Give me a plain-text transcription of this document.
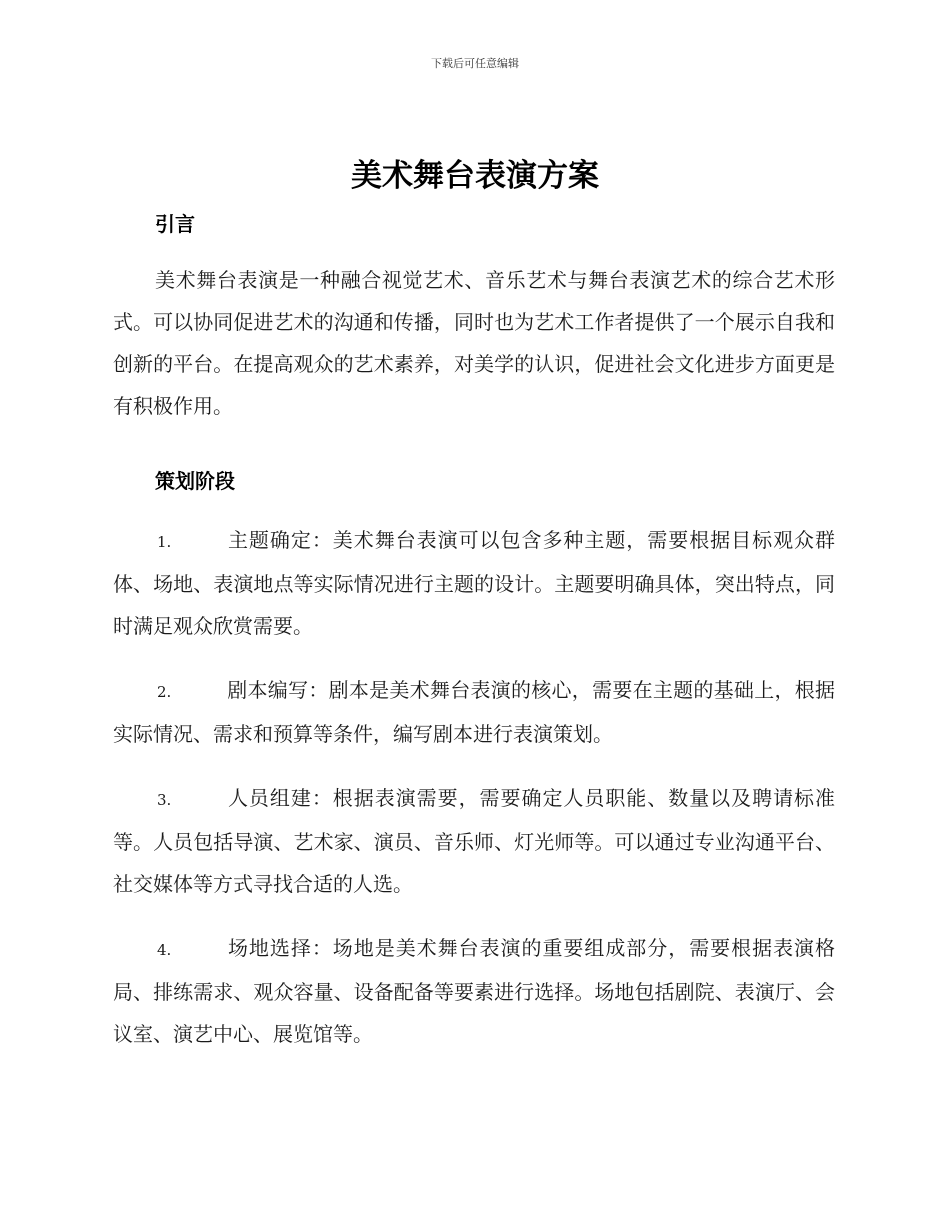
下载后可任意编辑
美术舞台表演方案
引言

美术舞台表演是一种融合视觉艺术、音乐艺术与舞台表演艺术的综合艺术形式。可以协同促进艺术的沟通和传播，同时也为艺术工作者提供了一个展示自我和创新的平台。在提高观众的艺术素养，对美学的认识，促进社会文化进步方面更是有积极作用。

策划阶段
1.	主题确定：美术舞台表演可以包含多种主题，需要根据目标观众群体、场地、表演地点等实际情况进行主题的设计。主题要明确具体，突出特点，同时满足观众欣赏需要。
2.	剧本编写：剧本是美术舞台表演的核心，需要在主题的基础上，根据实际情况、需求和预算等条件，编写剧本进行表演策划。
3.	人员组建：根据表演需要，需要确定人员职能、数量以及聘请标准等。人员包括导演、艺术家、演员、音乐师、灯光师等。可以通过专业沟通平台、社交媒体等方式寻找合适的人选。
4.	场地选择：场地是美术舞台表演的重要组成部分，需要根据表演格局、排练需求、观众容量、设备配备等要素进行选择。场地包括剧院、表演厅、会议室、演艺中心、展览馆等。
